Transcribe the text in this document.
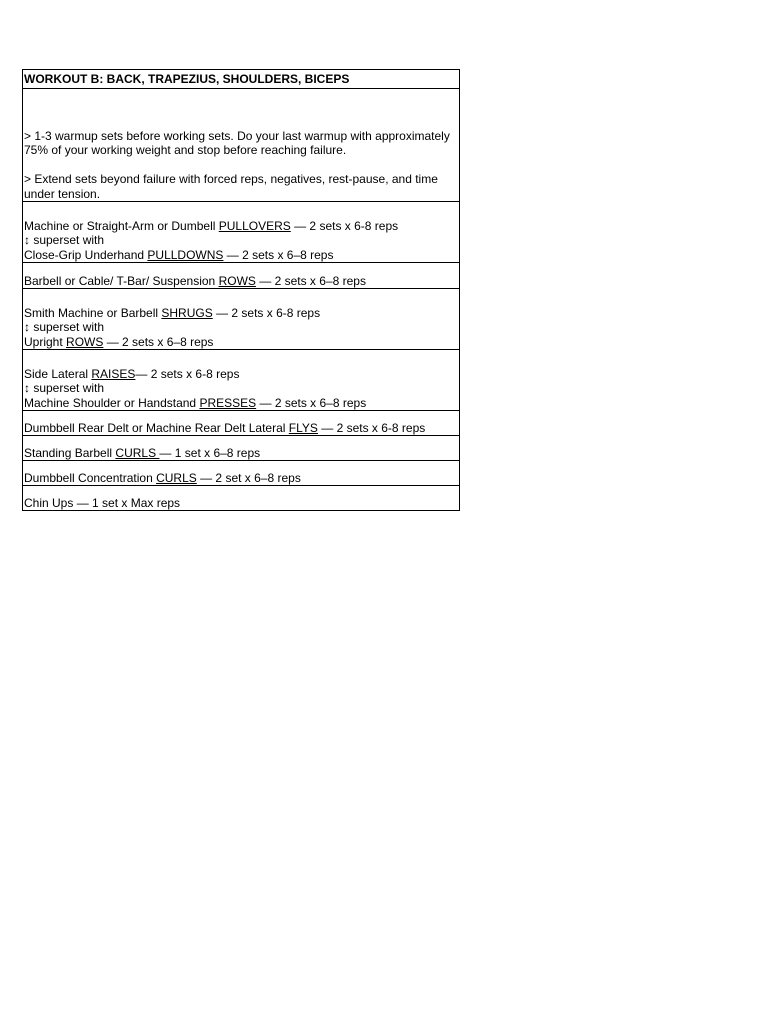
WORKOUT B: BACK, TRAPEZIUS, SHOULDERS, BICEPS

> 1-3 warmup sets before working sets. Do your last warmup with approximately 75% of your working weight and stop before reaching failure.
> Extend sets beyond failure with forced reps, negatives, rest-pause, and time under tension.

Machine or Straight-Arm or Dumbell PULLOVERS — 2 sets x 6-8 reps
↕ superset with
Close-Grip Underhand PULLDOWNS — 2 sets x 6–8 reps

Barbell or Cable/ T-Bar/ Suspension ROWS — 2 sets x 6–8 reps

Smith Machine or Barbell SHRUGS — 2 sets x 6-8 reps
↕ superset with
Upright ROWS — 2 sets x 6–8 reps

Side Lateral RAISES— 2 sets x 6-8 reps
↕ superset with
Machine Shoulder or Handstand PRESSES — 2 sets x 6–8 reps

Dumbbell Rear Delt or Machine Rear Delt Lateral FLYS — 2 sets x 6-8 reps
Standing Barbell CURLS — 1 set x 6–8 reps
Dumbbell Concentration CURLS — 2 set x 6–8 reps
Chin Ups — 1 set x Max reps
